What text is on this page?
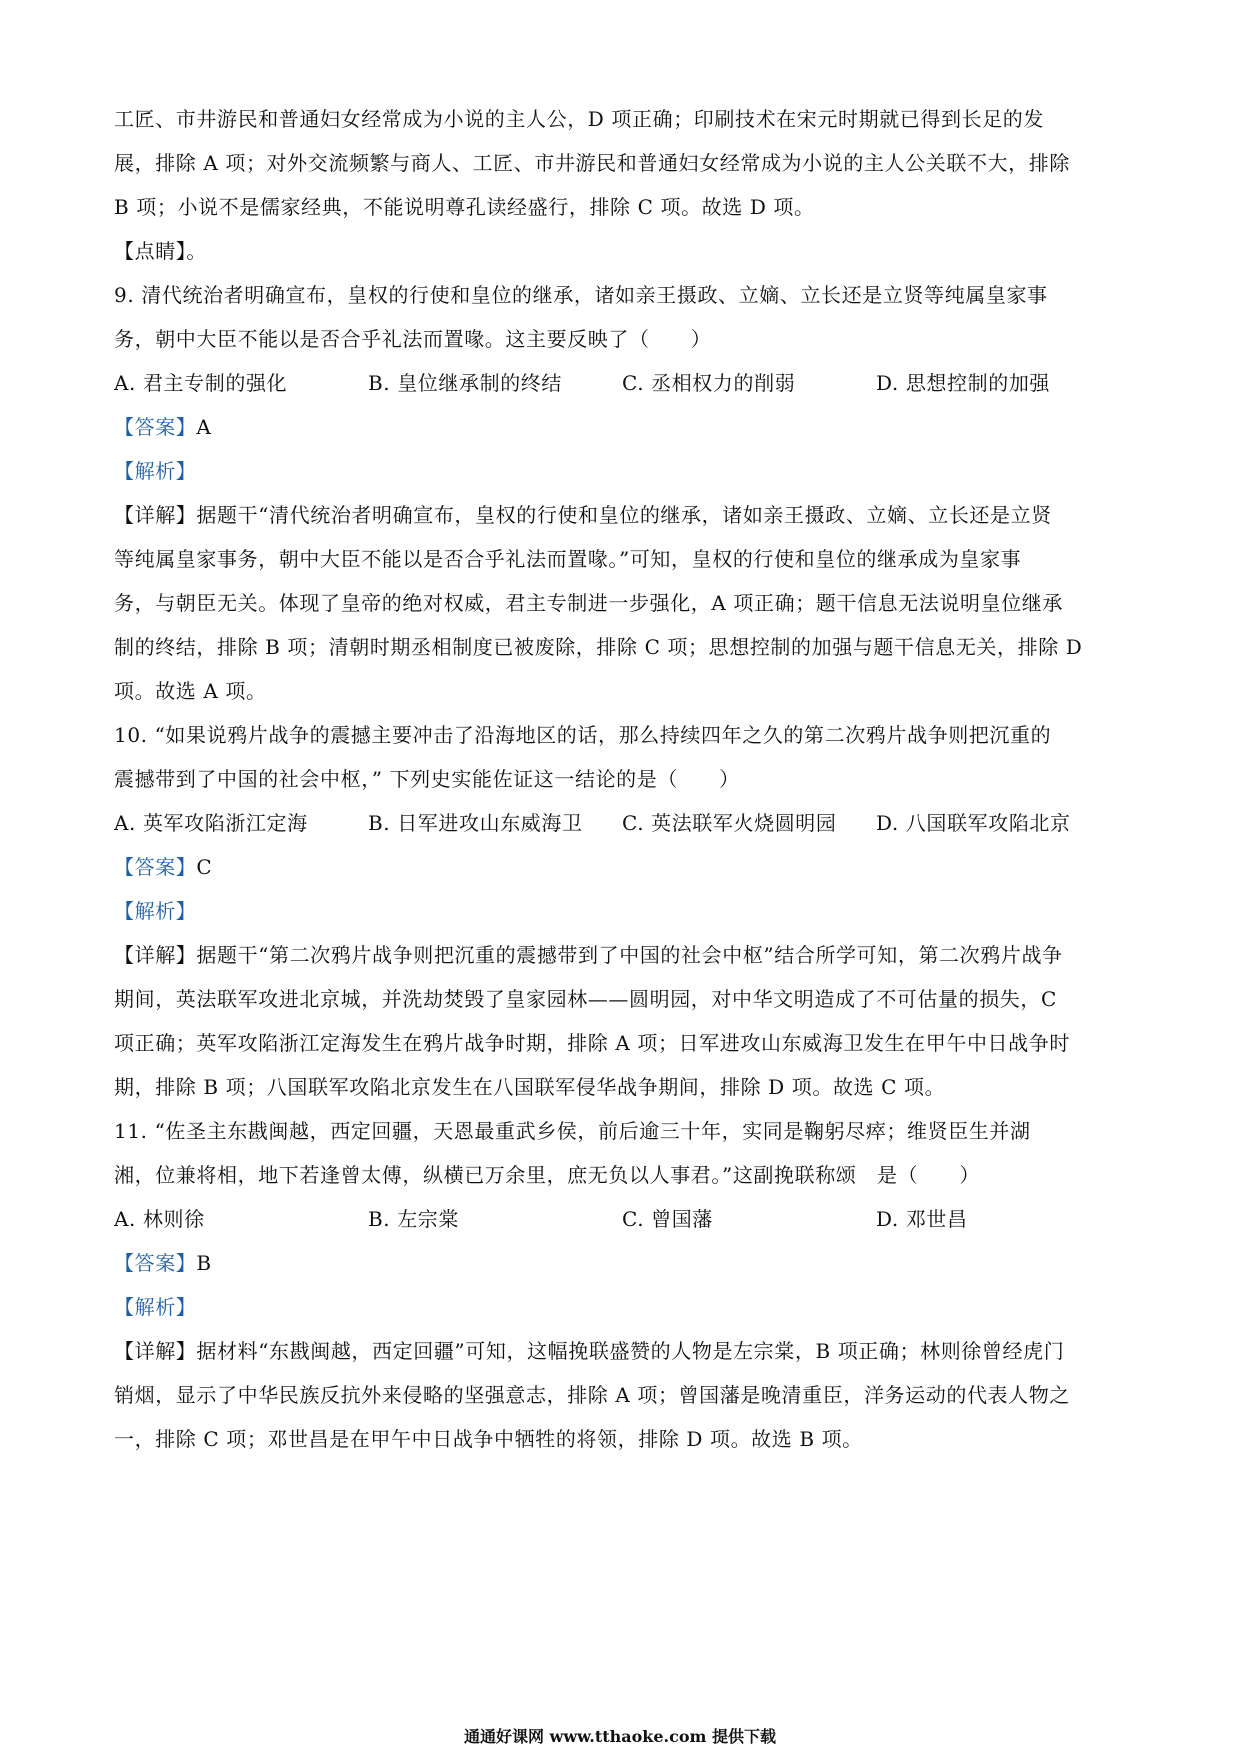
工匠、市井游民和普通妇女经常成为小说的主人公，D 项正确；印刷技术在宋元时期就已得到长足的发
展，排除 A 项；对外交流频繁与商人、工匠、市井游民和普通妇女经常成为小说的主人公关联不大，排除
B 项；小说不是儒家经典，不能说明尊孔读经盛行，排除 C 项。故选 D 项。
【点睛】。
9. 清代统治者明确宣布，皇权的行使和皇位的继承，诸如亲王摄政、立嫡、立长还是立贤等纯属皇家事
务，朝中大臣不能以是否合乎礼法而置喙。这主要反映了（　　）
A. 君主专制的强化	B. 皇位继承制的终结	C. 丞相权力的削弱	D. 思想控制的加强
【答案】A
【解析】
【详解】据题干“清代统治者明确宣布，皇权的行使和皇位的继承，诸如亲王摄政、立嫡、立长还是立贤
等纯属皇家事务，朝中大臣不能以是否合乎礼法而置喙。”可知，皇权的行使和皇位的继承成为皇家事
务，与朝臣无关。体现了皇帝的绝对权威，君主专制进一步强化，A 项正确；题干信息无法说明皇位继承
制的终结，排除 B 项；清朝时期丞相制度已被废除，排除 C 项；思想控制的加强与题干信息无关，排除 D
项。故选 A 项。
10. “如果说鸦片战争的震撼主要冲击了沿海地区的话，那么持续四年之久的第二次鸦片战争则把沉重的
震撼带到了中国的社会中枢，” 下列史实能佐证这一结论的是（　　）
A. 英军攻陷浙江定海	B. 日军进攻山东威海卫 C. 英法联军火烧圆明园 D. 八国联军攻陷北京
【答案】C
【解析】
【详解】据题干“第二次鸦片战争则把沉重的震撼带到了中国的社会中枢”结合所学可知，第二次鸦片战争
期间，英法联军攻进北京城，并洗劫焚毁了皇家园林——圆明园，对中华文明造成了不可估量的损失，C
项正确；英军攻陷浙江定海发生在鸦片战争时期，排除 A 项；日军进攻山东威海卫发生在甲午中日战争时
期，排除 B 项；八国联军攻陷北京发生在八国联军侵华战争期间，排除 D 项。故选 C 项。
11. “佐圣主东戡闽越，西定回疆，天恩最重武乡侯，前后逾三十年，实同是鞠躬尽瘁；维贤臣生并湖
湘，位兼将相，地下若逢曾太傅，纵横已万余里，庶无负以人事君。”这副挽联称颂　是（　　）
A. 林则徐	B. 左宗棠	C. 曾国藩	D. 邓世昌
【答案】B
【解析】
【详解】据材料“东戡闽越，西定回疆”可知，这幅挽联盛赞的人物是左宗棠，B 项正确；林则徐曾经虎门
销烟，显示了中华民族反抗外来侵略的坚强意志，排除 A 项；曾国藩是晚清重臣，洋务运动的代表人物之
一，排除 C 项；邓世昌是在甲午中日战争中牺牲的将领，排除 D 项。故选 B 项。
通通好课网 www.tthaoke.com 提供下载
